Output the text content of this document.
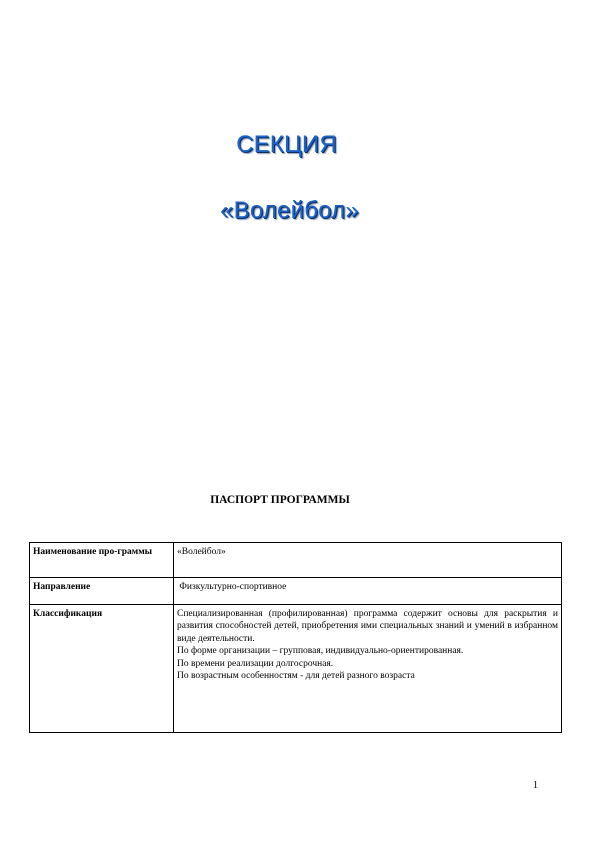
СЕКЦИЯ
«Волейбол»
ПАСПОРТ ПРОГРАММЫ
Наименование про-граммы	«Волейбол»
Направление	Физкультурно-спортивное
Классификация	Специализированная (профилированная) программа содержит основы для раскрытия и развития способностей детей, приобретения ими специальных знаний и умений в избранном виде деятельности.
По форме организации – групповая, индивидуально-ориентированная.
По времени реализации долгосрочная.
По возрастным особенностям - для детей разного возраста
1
